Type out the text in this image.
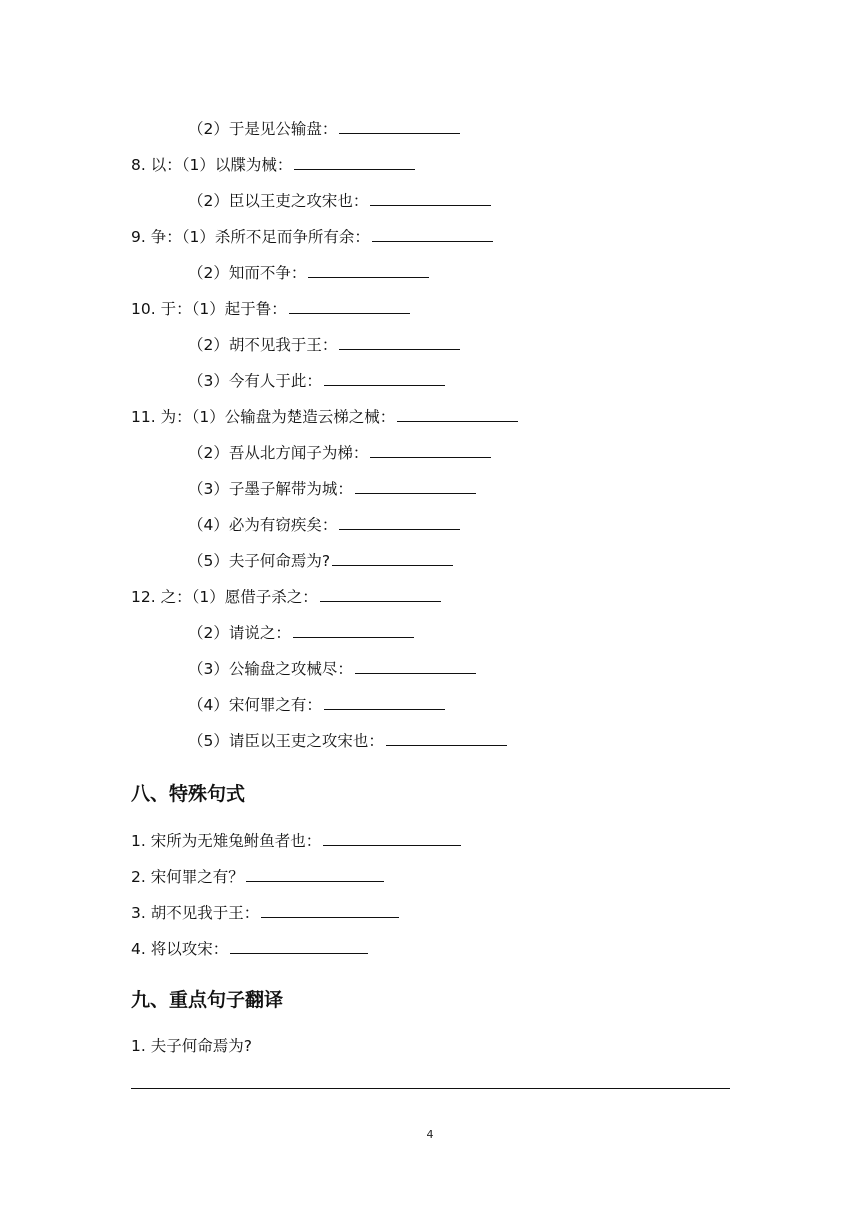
（2）于是见公输盘：
8. 以：（1）以牒为械：
（2）臣以王吏之攻宋也：
9. 争：（1）杀所不足而争所有余：
（2）知而不争：
10. 于：（1）起于鲁：
（2）胡不见我于王：
（3）今有人于此：
11. 为：（1）公输盘为楚造云梯之械：
（2）吾从北方闻子为梯：
（3）子墨子解带为城：
（4）必为有窃疾矣：
（5）夫子何命焉为?
12. 之：（1）愿借子杀之：
（2）请说之：
（3）公输盘之攻械尽：
（4）宋何罪之有：
（5）请臣以王吏之攻宋也：
八、特殊句式
1. 宋所为无雉兔鲋鱼者也：
2. 宋何罪之有？
3. 胡不见我于王：
4. 将以攻宋：
九、重点句子翻译
1. 夫子何命焉为?
4
